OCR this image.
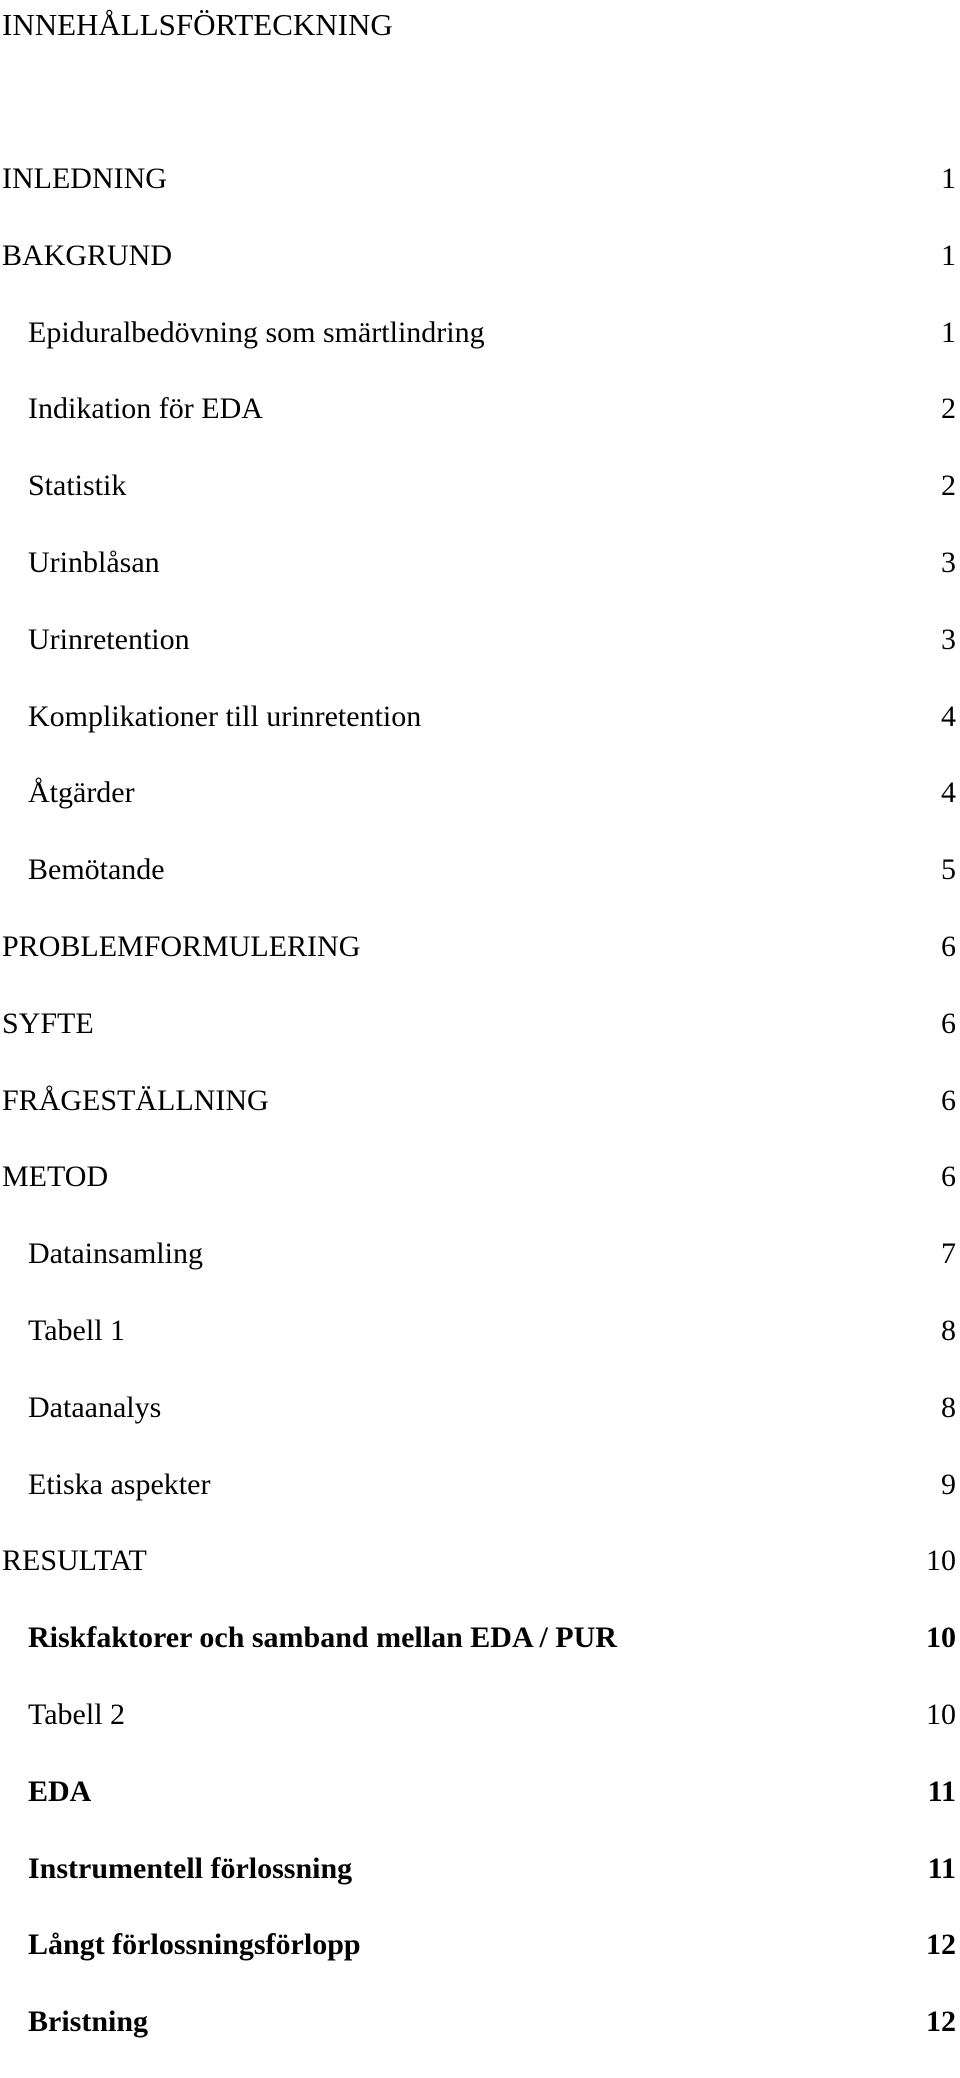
INNEHÅLLSFÖRTECKNING
INLEDNING	1
BAKGRUND	1
Epiduralbedövning som smärtlindring	1
Indikation för EDA	2
Statistik	2
Urinblåsan	3
Urinretention	3
Komplikationer till urinretention	4
Åtgärder	4
Bemötande	5
PROBLEMFORMULERING	6
SYFTE	6
FRÅGESTÄLLNING	6
METOD	6
Datainsamling	7
Tabell 1	8
Dataanalys	8
Etiska aspekter	9
RESULTAT	10
Riskfaktorer och samband mellan EDA / PUR	10
Tabell 2	10
EDA	11
Instrumentell förlossning	11
Långt förlossningsförlopp	12
Bristning	12
